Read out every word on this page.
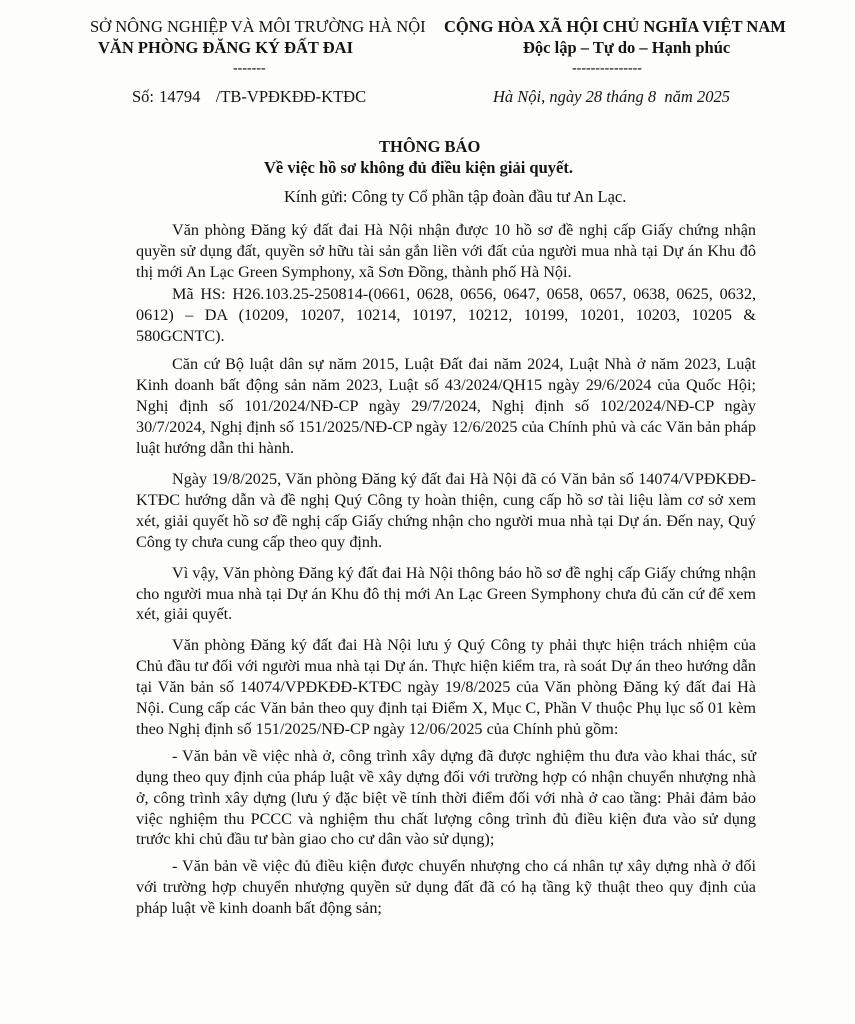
SỞ NÔNG NGHIỆP VÀ MÔI TRƯỜNG HÀ NỘI
VĂN PHÒNG ĐĂNG KÝ ĐẤT ĐAI
-------
Số: 14794   /TB-VPĐKĐĐ-KTĐC
CỘNG HÒA XÃ HỘI CHỦ NGHĨA VIỆT NAM
Độc lập – Tự do – Hạnh phúc
---------------
Hà Nội, ngày 28 tháng 8  năm 2025
THÔNG BÁO
Về việc hồ sơ không đủ điều kiện giải quyết.
Kính gửi: Công ty Cổ phần tập đoàn đầu tư An Lạc.

Văn phòng Đăng ký đất đai Hà Nội nhận được 10 hồ sơ đề nghị cấp Giấy chứng nhận quyền sử dụng đất, quyền sở hữu tài sản gắn liền với đất của người mua nhà tại Dự án Khu đô thị mới An Lạc Green Symphony, xã Sơn Đồng, thành phố Hà Nội.

Mã HS: H26.103.25-250814-(0661, 0628, 0656, 0647, 0658, 0657, 0638, 0625, 0632, 0612) – DA (10209, 10207, 10214, 10197, 10212, 10199, 10201, 10203, 10205 & 580GCNTC).

Căn cứ Bộ luật dân sự năm 2015, Luật Đất đai năm 2024, Luật Nhà ở năm 2023, Luật Kinh doanh bất động sản năm 2023, Luật số 43/2024/QH15 ngày 29/6/2024 của Quốc Hội; Nghị định số 101/2024/NĐ-CP ngày 29/7/2024, Nghị định số 102/2024/NĐ-CP ngày 30/7/2024, Nghị định số 151/2025/NĐ-CP ngày 12/6/2025 của Chính phủ và các Văn bản pháp luật hướng dẫn thi hành.

Ngày 19/8/2025, Văn phòng Đăng ký đất đai Hà Nội đã có Văn bản số 14074/VPĐKĐĐ-KTĐC hướng dẫn và đề nghị Quý Công ty hoàn thiện, cung cấp hồ sơ tài liệu làm cơ sở xem xét, giải quyết hồ sơ đề nghị cấp Giấy chứng nhận cho người mua nhà tại Dự án. Đến nay, Quý Công ty chưa cung cấp theo quy định.

Vì vậy, Văn phòng Đăng ký đất đai Hà Nội thông báo hồ sơ đề nghị cấp Giấy chứng nhận cho người mua nhà tại Dự án Khu đô thị mới An Lạc Green Symphony chưa đủ căn cứ để xem xét, giải quyết.

Văn phòng Đăng ký đất đai Hà Nội lưu ý Quý Công ty phải thực hiện trách nhiệm của Chủ đầu tư đối với người mua nhà tại Dự án. Thực hiện kiểm tra, rà soát Dự án theo hướng dẫn tại Văn bản số 14074/VPĐKĐĐ-KTĐC ngày 19/8/2025 của Văn phòng Đăng ký đất đai Hà Nội. Cung cấp các Văn bản theo quy định tại Điểm X, Mục C, Phần V thuộc Phụ lục số 01 kèm theo Nghị định số 151/2025/NĐ-CP ngày 12/06/2025 của Chính phủ gồm:

- Văn bản về việc nhà ở, công trình xây dựng đã được nghiệm thu đưa vào khai thác, sử dụng theo quy định của pháp luật về xây dựng đối với trường hợp có nhận chuyển nhượng nhà ở, công trình xây dựng (lưu ý đặc biệt về tính thời điểm đối với nhà ở cao tầng: Phải đảm bảo việc nghiệm thu PCCC và nghiệm thu chất lượng công trình đủ điều kiện đưa vào sử dụng trước khi chủ đầu tư bàn giao cho cư dân vào sử dụng);

- Văn bản về việc đủ điều kiện được chuyển nhượng cho cá nhân tự xây dựng nhà ở đối với trường hợp chuyển nhượng quyền sử dụng đất đã có hạ tầng kỹ thuật theo quy định của pháp luật về kinh doanh bất động sản;
